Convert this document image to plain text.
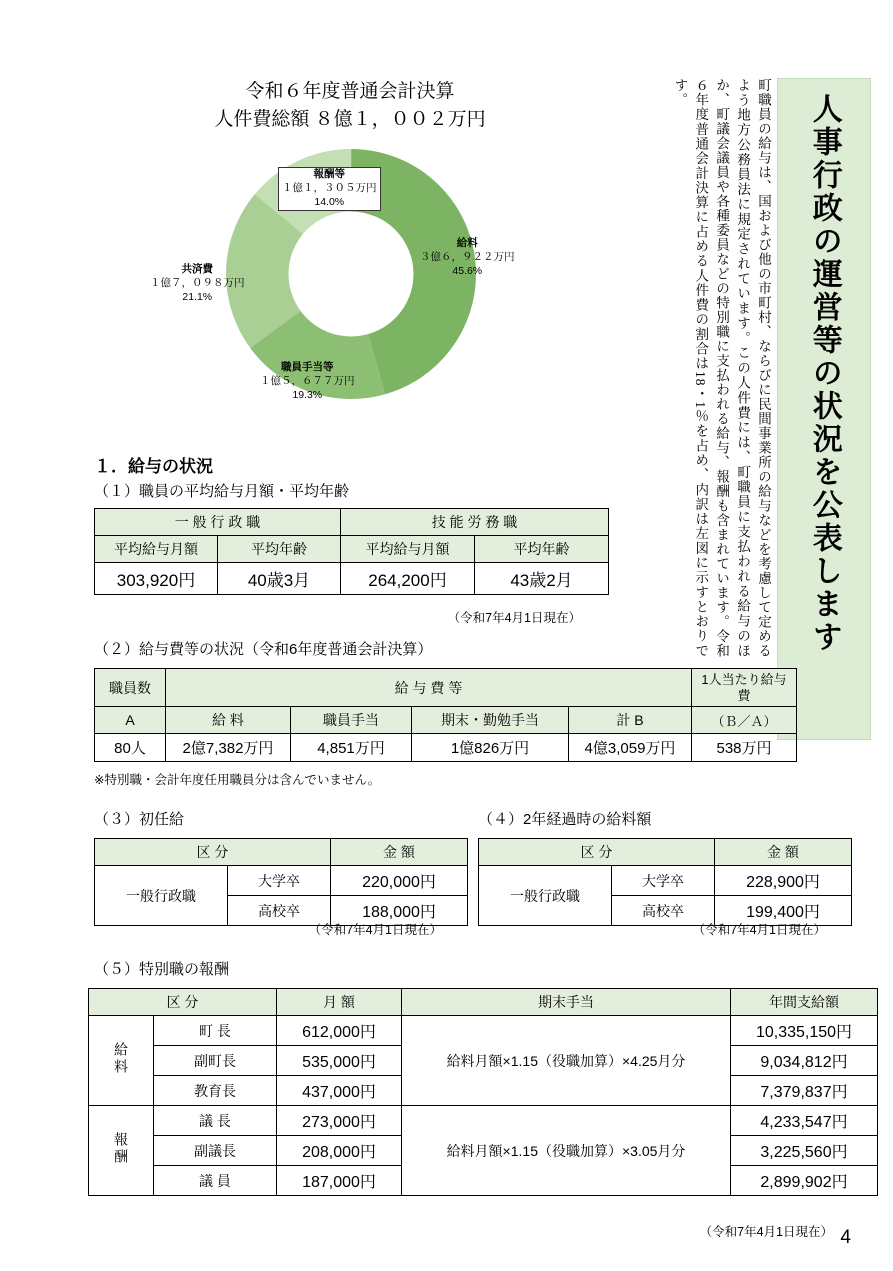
人事行政の運営等の状況を公表します
町職員の給与は、国および他の市町村、ならびに民間事業所の給与などを考慮して定めるよう地方公務員法に規定されています。この人件費には、町職員に支払われる給与のほか、町議会議員や各種委員などの特別職に支払われる給与、報酬も含まれています。令和６年度普通会計決算に占める人件費の割合は18・1％を占め、内訳は左図に示すとおりです。
令和６年度普通会計決算
人件費総額 ８億１，００２万円
報酬等
１億１，３０５万円
14.0%
共済費
１億７，０９８万円
21.1%
職員手当等
１億５，６７７万円
19.3%
給料
３億６，９２２万円
45.6%
１．給与の状況
（１）職員の平均給与月額・平均年齢
一 般 行 政 職		技 能 労 務 職	
平均給与月額	平均年齢	平均給与月額	平均年齢
303,920円	40歳3月	264,200円	43歳2月
（令和7年4月1日現在）
（２）給与費等の状況（令和6年度普通会計決算）
職員数	給 与 費 等				1人当たり給与費
A	給 料	職員手当	期末・勤勉手当	計 B	（Ｂ／Ａ）
80人	2億7,382万円	4,851万円	1億826万円	4億3,059万円	538万円
※特別職・会計年度任用職員分は含んでいません。
（３）初任給
区 分		金 額
一般行政職	大学卒	220,000円
	高校卒	188,000円
（令和7年4月1日現在）
（４）2年経過時の給料額
区 分		金 額
一般行政職	大学卒	228,900円
	高校卒	199,400円
（令和7年4月1日現在）
（５）特別職の報酬
区 分		月 額	期末手当	年間支給額
給料	町 長	612,000円	給料月額×1.15（役職加算）×4.25月分	10,335,150円
	副町長	535,000円		9,034,812円
	教育長	437,000円		7,379,837円
報酬	議 長	273,000円	給料月額×1.15（役職加算）×3.05月分	4,233,547円
	副議長	208,000円		3,225,560円
	議 員	187,000円		2,899,902円
（令和7年4月1日現在） 4
